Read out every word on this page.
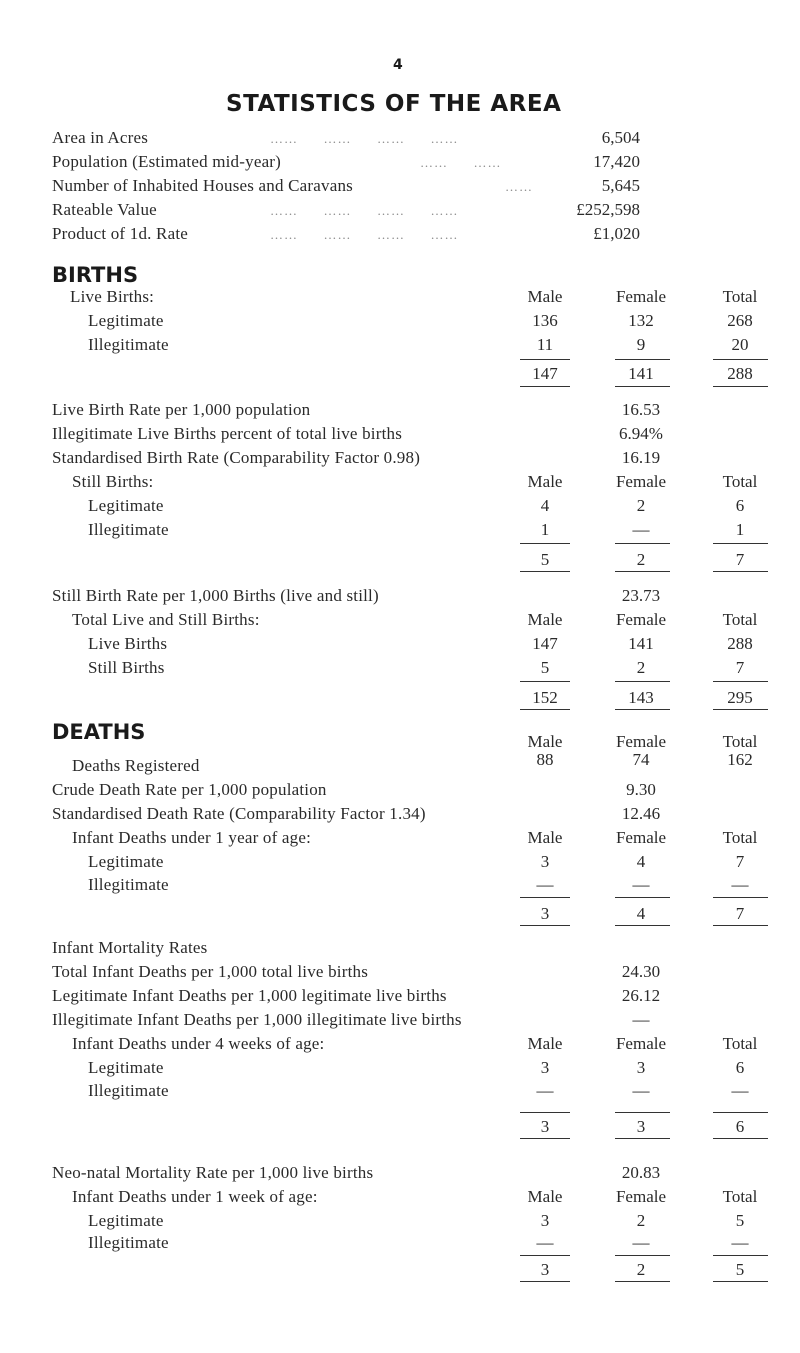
4
STATISTICS OF THE AREA
Area in Acres	……      ……      ……      ……	6,504
Population (Estimated mid-year)	……      ……	17,420
Number of Inhabited Houses and Caravans	……	5,645
Rateable Value	……      ……      ……      ……	£252,598
Product of 1d. Rate	……      ……      ……      ……	£1,020
BIRTHS
Live Births:	Male	Female	Total
Legitimate	136	132	268
Illegitimate	11	9	20
147	141	288
Live Birth Rate per 1,000 population	16.53
Illegitimate Live Births percent of total live births	6.94%
Standardised Birth Rate (Comparability Factor 0.98)	16.19
Still Births:	Male	Female	Total
Legitimate	4	2	6
Illegitimate	1	—	1
5	2	7
Still Birth Rate per 1,000 Births (live and still)	23.73
Total Live and Still Births:	Male	Female	Total
Live Births	147	141	288
Still Births	5	2	7
152	143	295
DEATHS	Male	Female	Total
Deaths Registered	88	74	162
Crude Death Rate per 1,000 population	9.30
Standardised Death Rate (Comparability Factor 1.34)	12.46
Infant Deaths under 1 year of age:	Male	Female	Total
Legitimate	3	4	7
Illegitimate	—	—	—
3	4	7
Infant Mortality Rates
Total Infant Deaths per 1,000 total live births	24.30
Legitimate Infant Deaths per 1,000 legitimate live births	26.12
Illegitimate Infant Deaths per 1,000 illegitimate live births	—
Infant Deaths under 4 weeks of age:	Male	Female	Total
Legitimate	3	3	6
Illegitimate	—	—	—
3	3	6
Neo-natal Mortality Rate per 1,000 live births	20.83
Infant Deaths under 1 week of age:	Male	Female	Total
Legitimate	3	2	5
Illegitimate	—	—	—
3	2	5
